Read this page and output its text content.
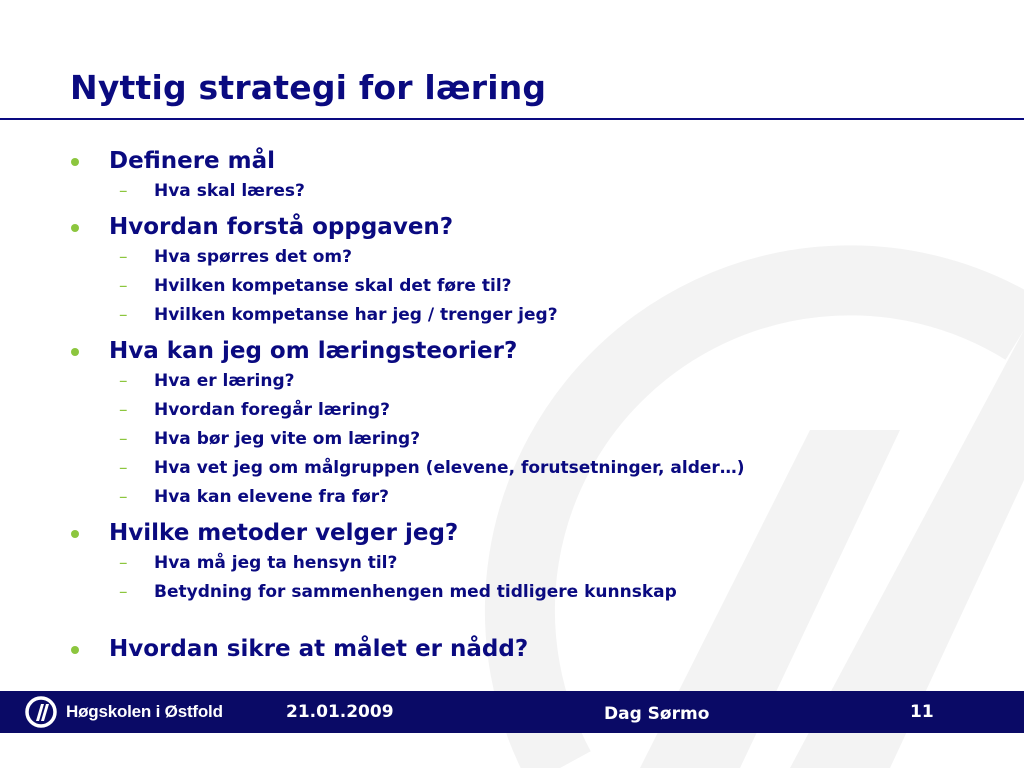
Nyttig strategi for læring
Definere mål
– Hva skal læres?
Hvordan forstå oppgaven?
– Hva spørres det om?
– Hvilken kompetanse skal det føre til?
– Hvilken kompetanse har jeg / trenger jeg?
Hva kan jeg om læringsteorier?
– Hva er læring?
– Hvordan foregår læring?
– Hva bør jeg vite om læring?
– Hva vet jeg om målgruppen (elevene, forutsetninger, alder…)
– Hva kan elevene fra før?
Hvilke metoder velger jeg?
– Hva må jeg ta hensyn til?
– Betydning for sammenhengen med tidligere kunnskap
Hvordan sikre at målet er nådd?
Høgskolen i Østfold	21.01.2009	Dag Sørmo	11
